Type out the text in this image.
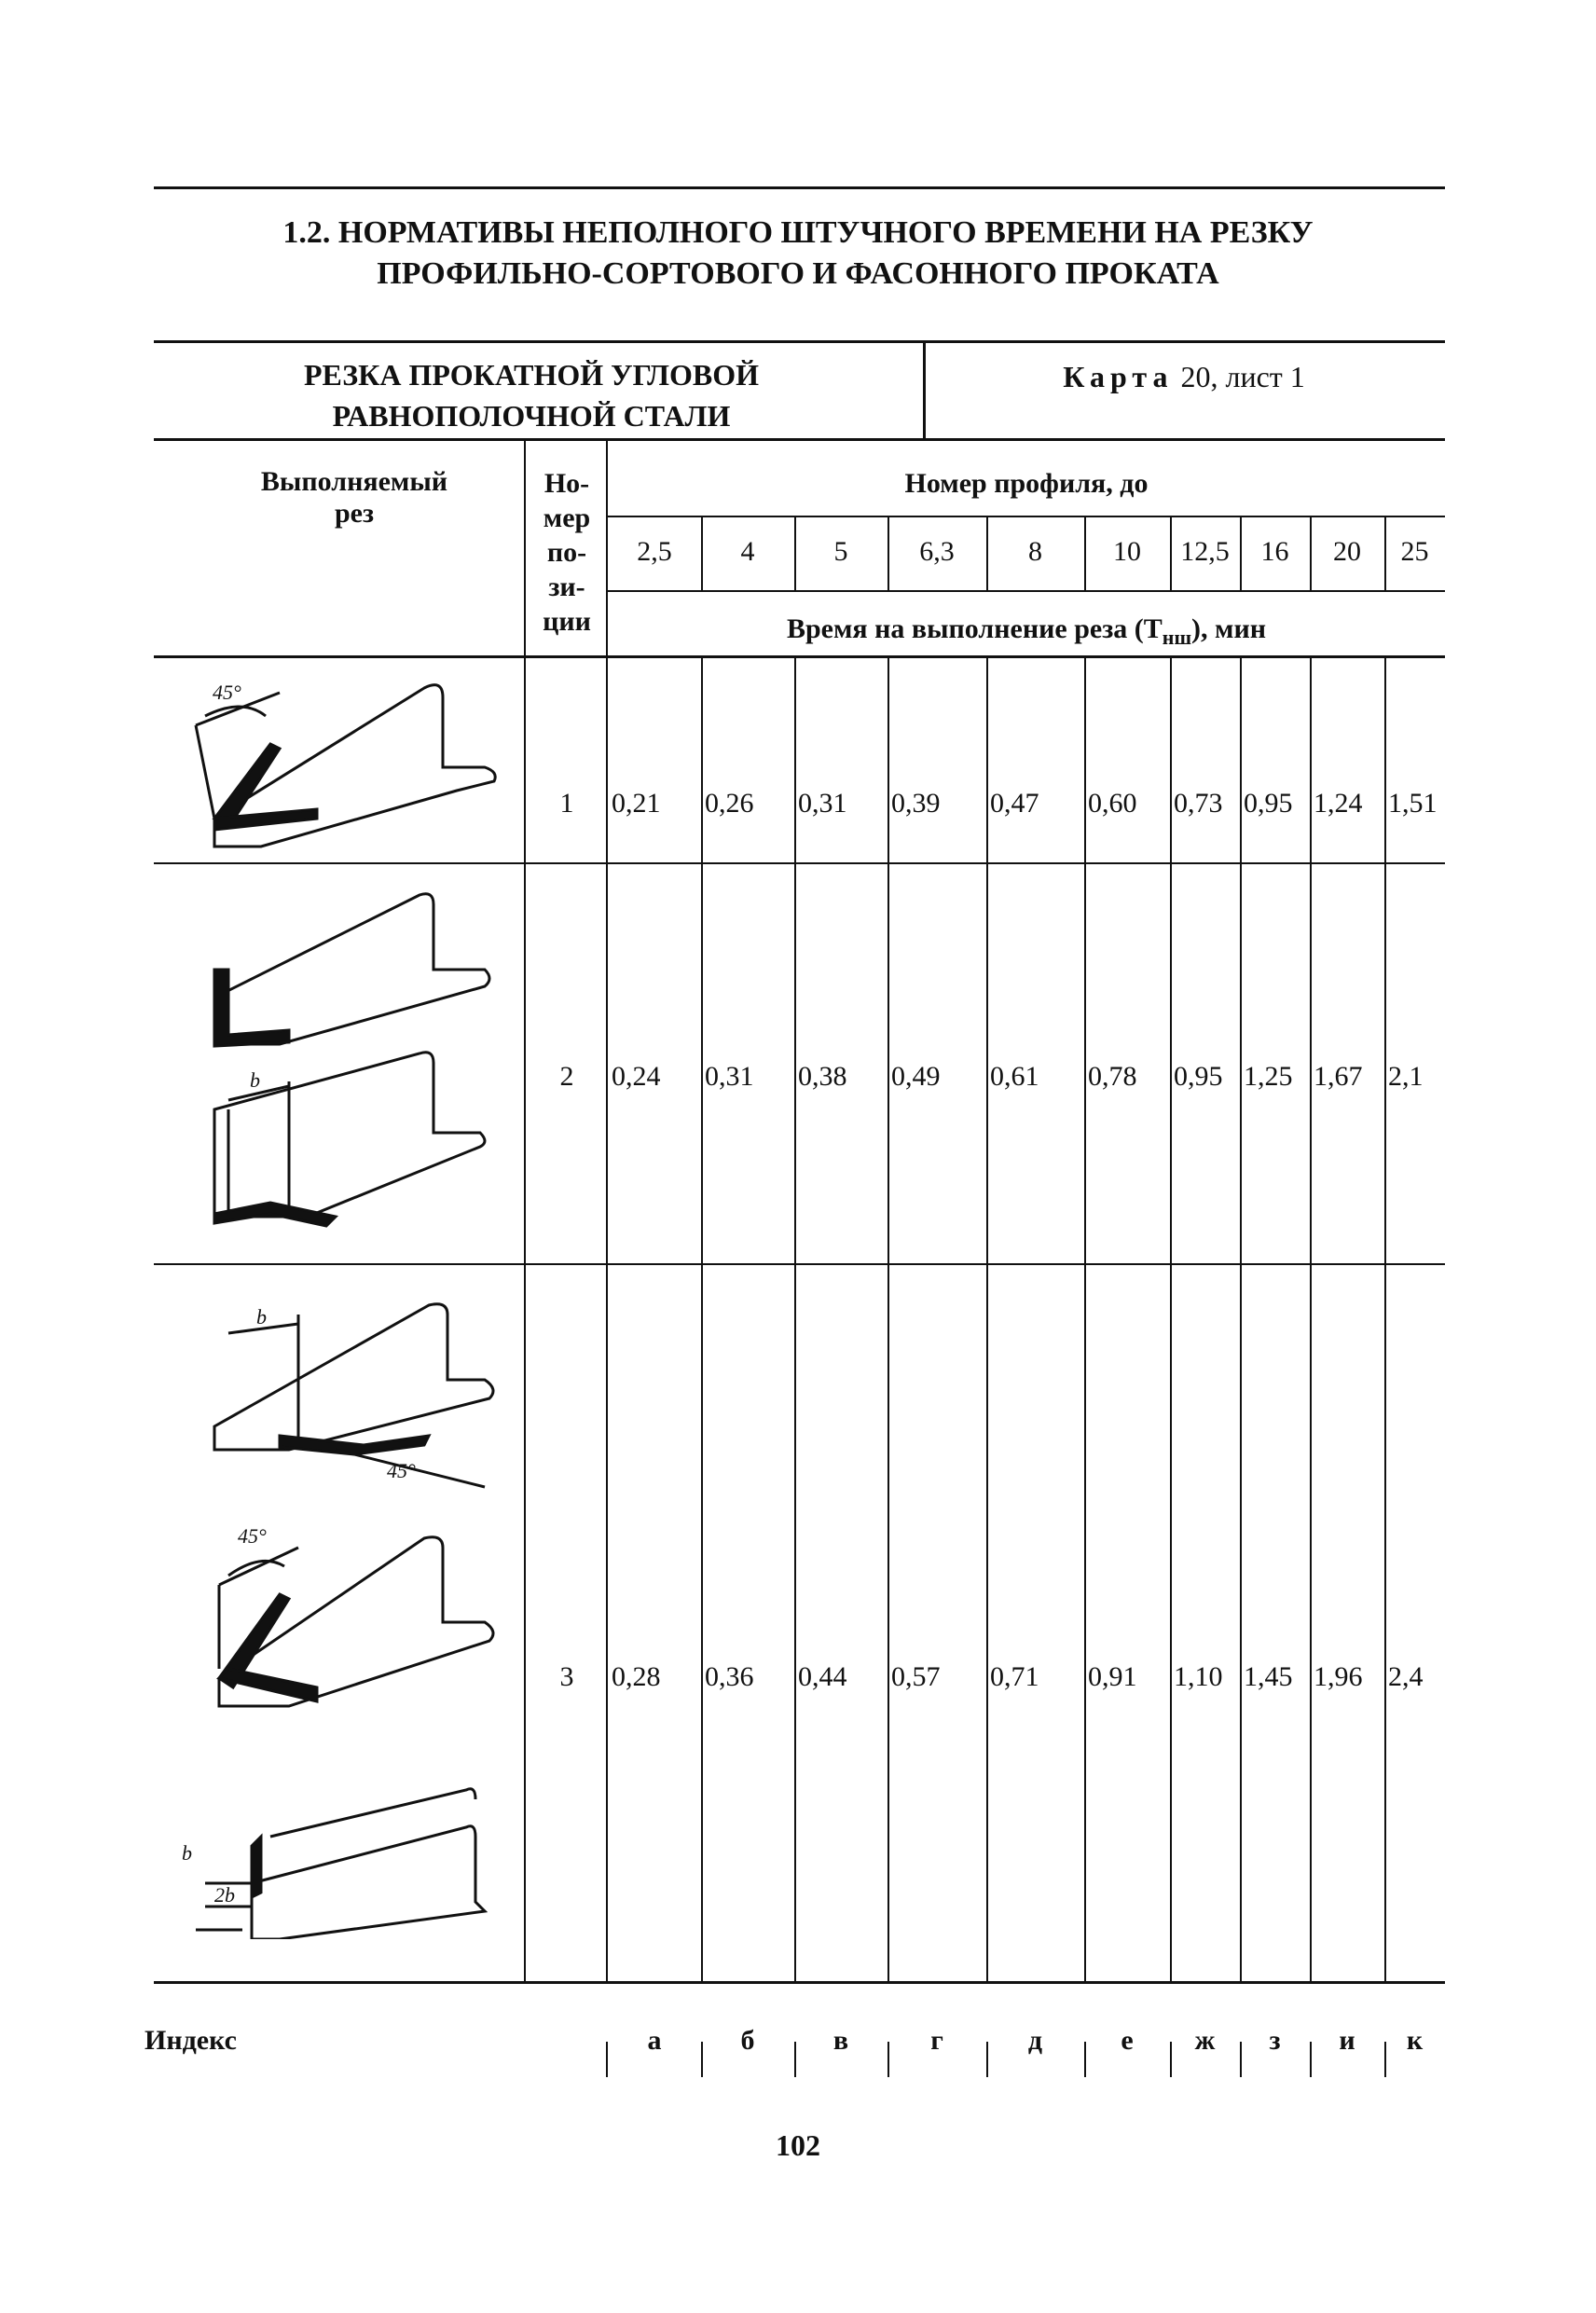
1.2. НОРМАТИВЫ НЕПОЛНОГО ШТУЧНОГО ВРЕМЕНИ НА РЕЗКУ
ПРОФИЛЬНО-СОРТОВОГО И ФАСОННОГО ПРОКАТА
РЕЗКА ПРОКАТНОЙ УГЛОВОЙ
РАВНОПОЛОЧНОЙ СТАЛИ
Карта 20, лист 1
Выполняемый
рез
Но-
мер
по-
зи-
ции
Номер профиля, до
Время на выполнение реза $(Т_{нш})$, мин
2,5	4	5	6,3	8	10	12,5	16	20	25
1	0,21	0,26	0,31	0,39	0,47	0,60	0,73 0,95 1,24 1,51
2	0,24	0,31	0,38	0,49	0,61	0,78	0,95 1,25 1,67 2,1
3	0,28	0,36	0,44	0,57	0,71	0,91	1,10 1,45 1,96 2,4
45°
b
b
45°
45°
b
2b
Индекс	а	б	в	г	д	е	ж	з	и	к
102
